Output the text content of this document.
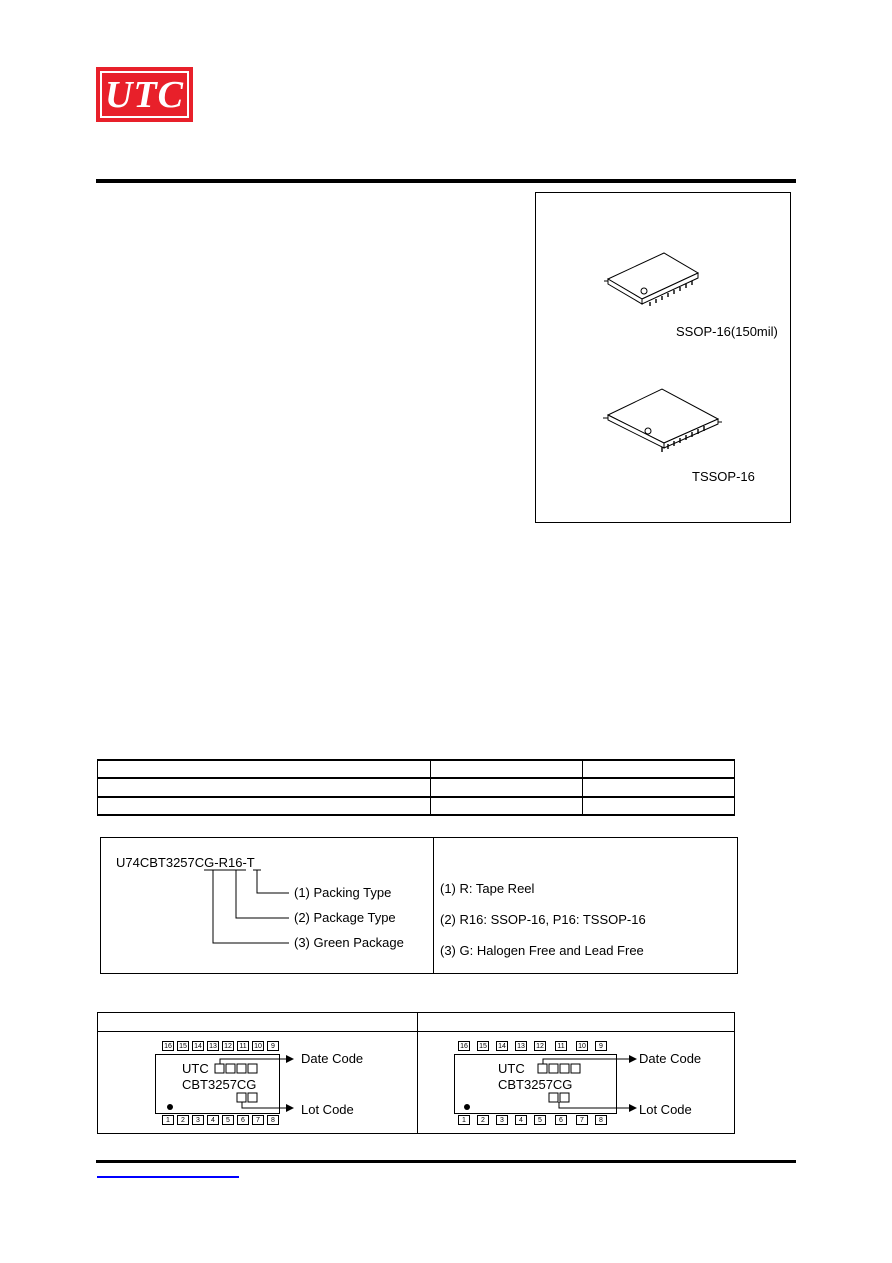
UTC
SSOP-16(150mil)
TSSOP-16
U74CBT3257CG-R16-T
(1) Packing Type
(2) Package Type
(3) Green Package
(1) R: Tape Reel
(2) R16: SSOP-16, P16: TSSOP-16
(3) G: Halogen Free and Lead Free
16	15	14	13	12	11	10	9
1	2	3	4	5	6	7	8
UTC
CBT3257CG
Date Code
Lot Code
16	15	14	13	12	11	10	9
1	2	3	4	5	6	7	8
UTC
CBT3257CG
Date Code
Lot Code
